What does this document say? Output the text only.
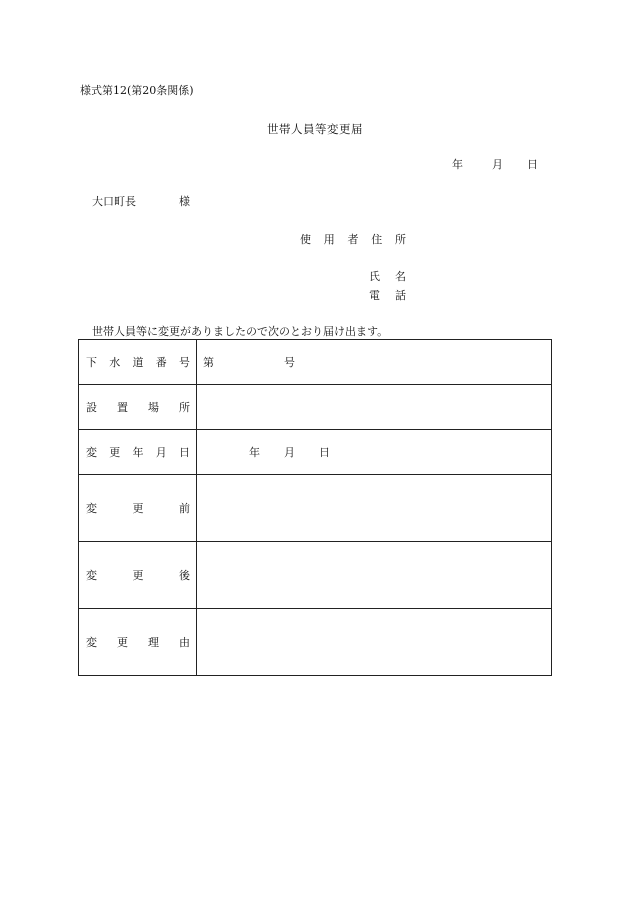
様式第12(第20条関係)
世帯人員等変更届
年	月 日
大口町長	様
使 用 者 住 所
氏 名
電 話
世帯人員等に変更がありましたので次のとおり届け出ます。
下 水 道 番 号	第 号

設 置 場 所	

変 更 年 月 日	年 月 日

変 更 前	

変 更 後	

変 更 理 由	
